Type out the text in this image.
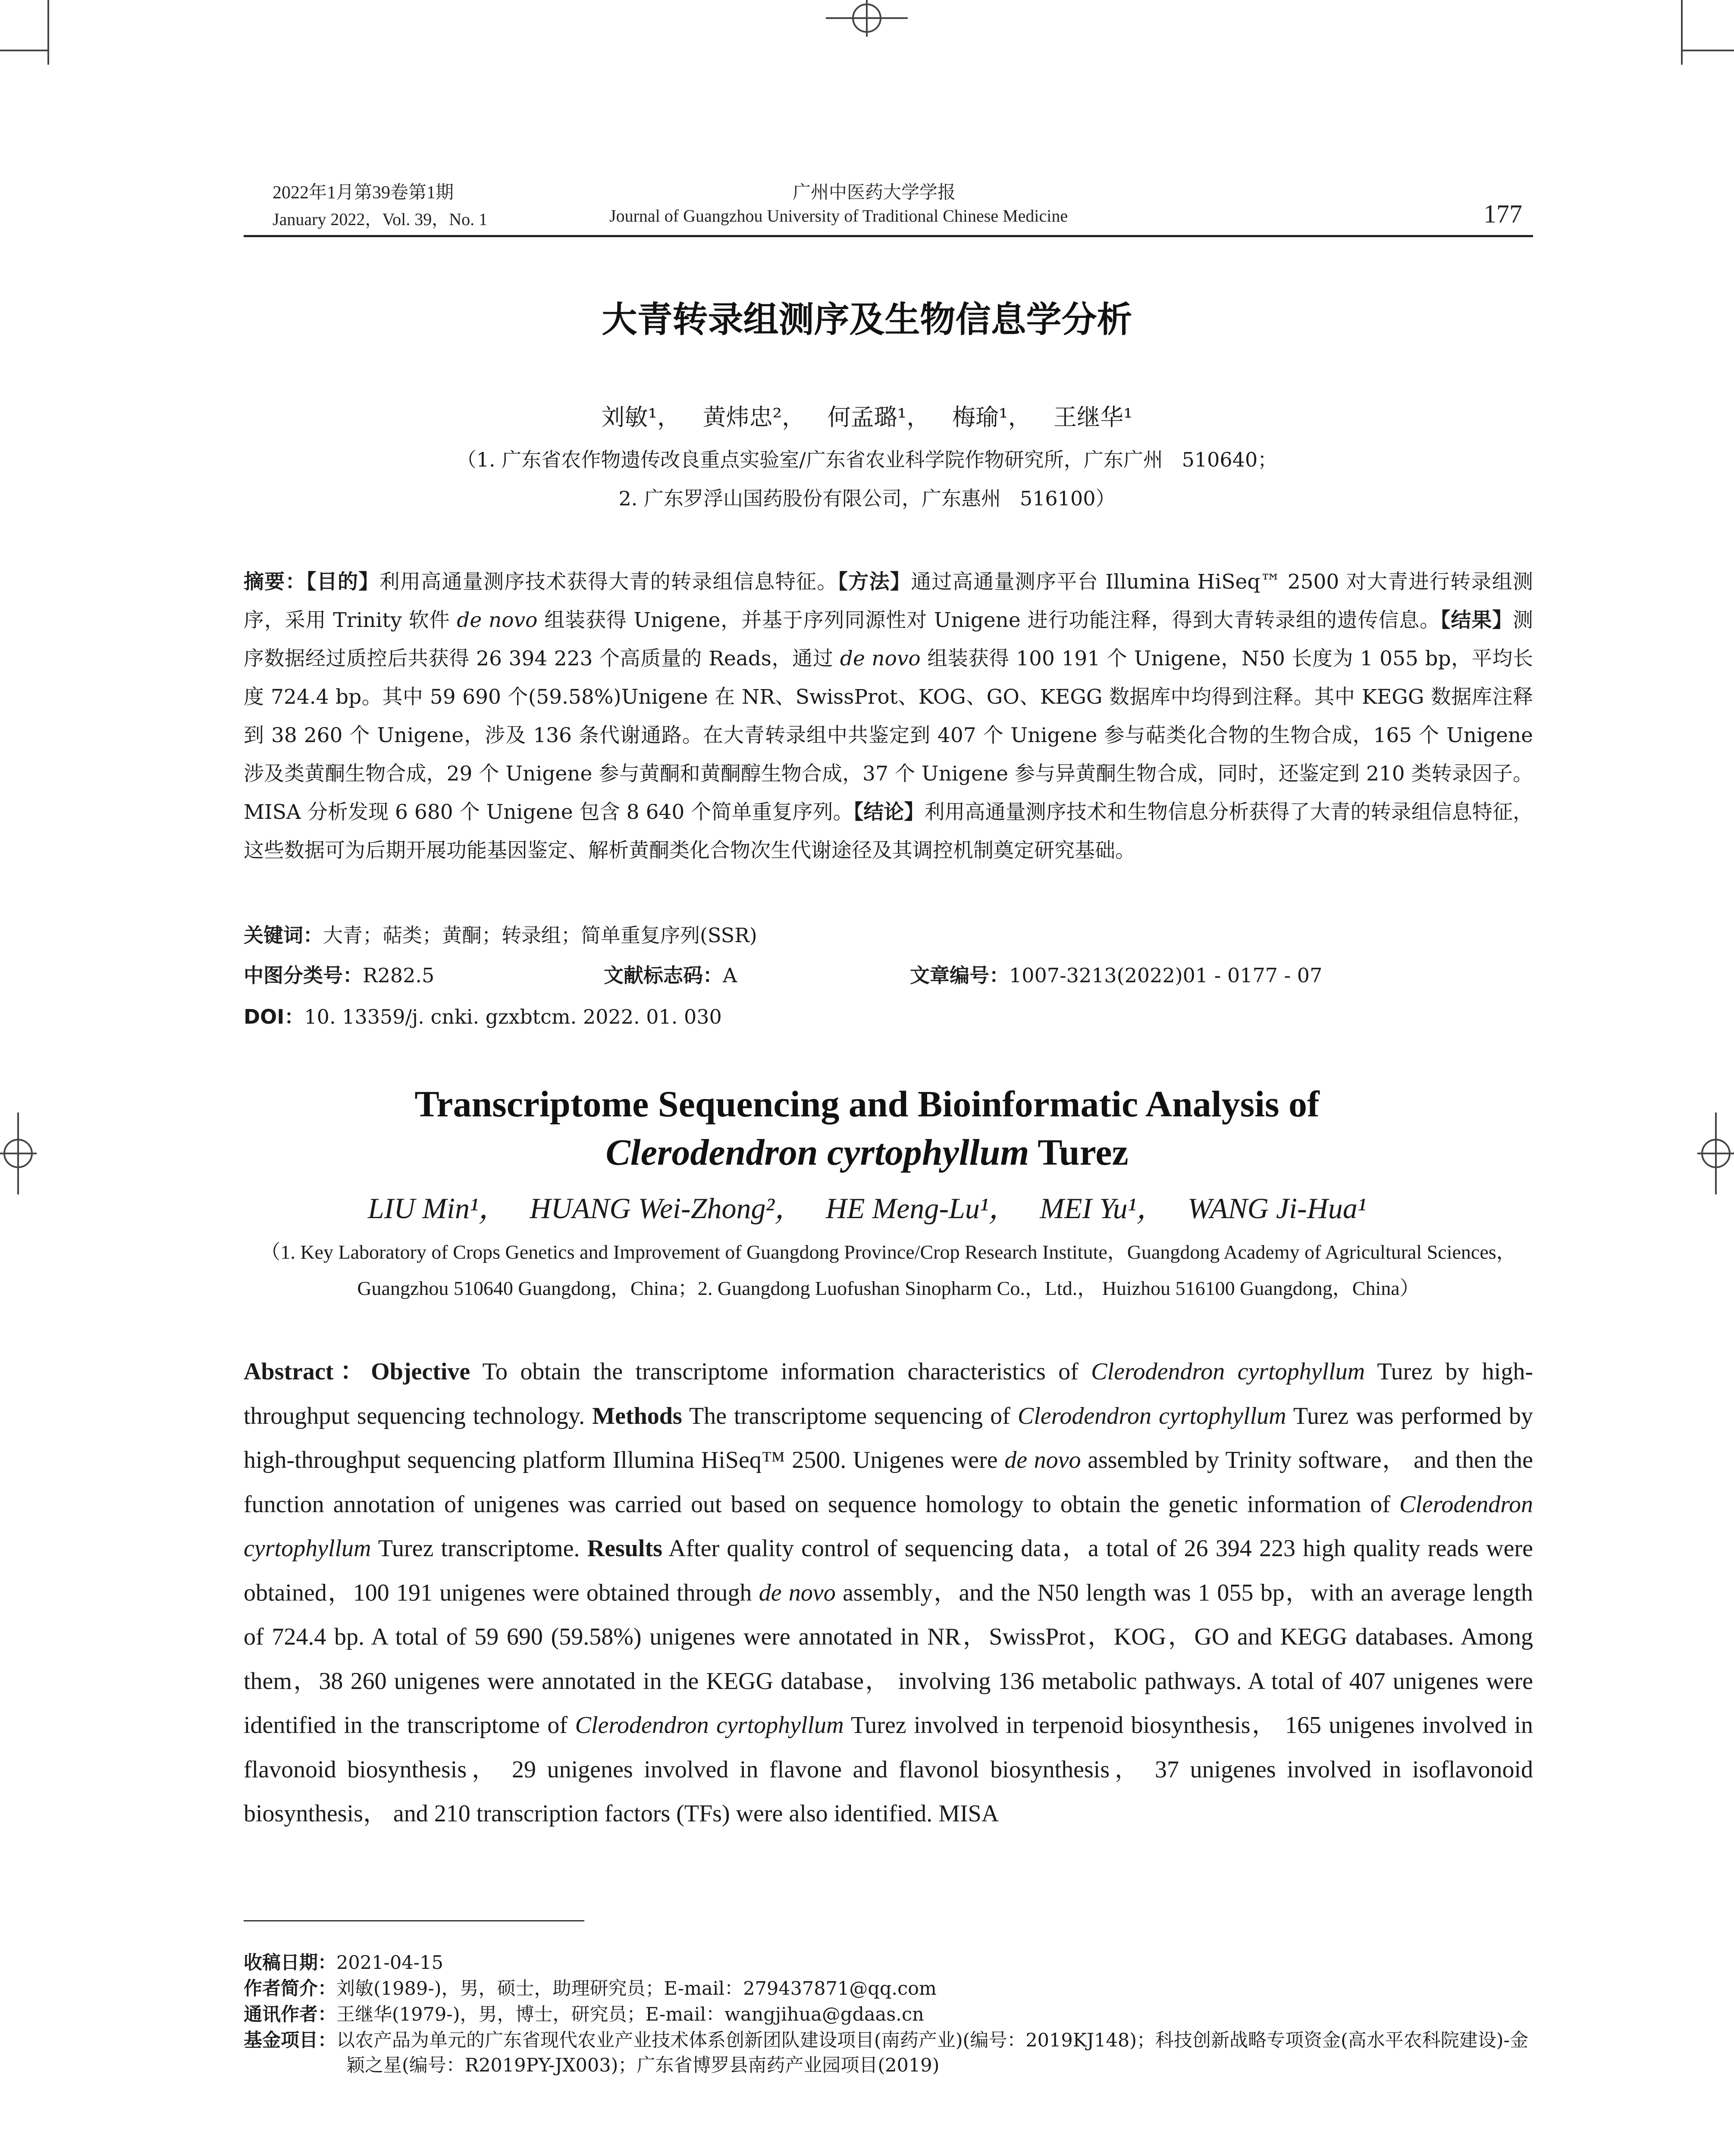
2022年1月第39卷第1期
January 2022，Vol. 39，No. 1
广州中医药大学学报
Journal of Guangzhou University of Traditional Chinese Medicine	177
大青转录组测序及生物信息学分析
刘敏¹，   黄炜忠²，   何孟璐¹，   梅瑜¹，   王继华¹
（1. 广东省农作物遗传改良重点实验室/广东省农业科学院作物研究所，广东广州   510640；
2. 广东罗浮山国药股份有限公司，广东惠州   516100）
摘要：【目的】利用高通量测序技术获得大青的转录组信息特征。【方法】通过高通量测序平台 Illumina HiSeq™ 2500 对大青进行转录组测序，采用 Trinity 软件 de novo 组装获得 Unigene，并基于序列同源性对 Unigene 进行功能注释，得到大青转录组的遗传信息。【结果】测序数据经过质控后共获得 26 394 223 个高质量的 Reads，通过 de novo 组装获得 100 191 个 Unigene，N50 长度为 1 055 bp，平均长度 724.4 bp。其中 59 690 个(59.58%)Unigene 在 NR、SwissProt、KOG、GO、KEGG 数据库中均得到注释。其中 KEGG 数据库注释到 38 260 个 Unigene，涉及 136 条代谢通路。在大青转录组中共鉴定到 407 个 Unigene 参与萜类化合物的生物合成，165 个 Unigene 涉及类黄酮生物合成，29 个 Unigene 参与黄酮和黄酮醇生物合成，37 个 Unigene 参与异黄酮生物合成，同时，还鉴定到 210 类转录因子。MISA 分析发现 6 680 个 Unigene 包含 8 640 个简单重复序列。【结论】利用高通量测序技术和生物信息分析获得了大青的转录组信息特征，这些数据可为后期开展功能基因鉴定、解析黄酮类化合物次生代谢途径及其调控机制奠定研究基础。
关键词：大青；萜类；黄酮；转录组；简单重复序列(SSR)
中图分类号：R282.5	文献标志码：A	文章编号：1007-3213(2022)01 - 0177 - 07
DOI：10. 13359/j. cnki. gzxbtcm. 2022. 01. 030
Transcriptome Sequencing and Bioinformatic Analysis of
Clerodendron cyrtophyllum Turez
LIU Min¹，   HUANG Wei-Zhong²，   HE Meng-Lu¹，   MEI Yu¹，   WANG Ji-Hua¹
（1. Key Laboratory of Crops Genetics and Improvement of Guangdong Province/Crop Research Institute，Guangdong Academy of Agricultural Sciences，Guangzhou 510640 Guangdong，China；2. Guangdong Luofushan Sinopharm Co.，Ltd.， Huizhou 516100 Guangdong，China）
Abstract：Objective To obtain the transcriptome information characteristics of Clerodendron cyrtophyllum Turez by high-throughput sequencing technology. Methods The transcriptome sequencing of Clerodendron cyrtophyllum Turez was performed by high-throughput sequencing platform Illumina HiSeq™ 2500. Unigenes were de novo assembled by Trinity software， and then the function annotation of unigenes was carried out based on sequence homology to obtain the genetic information of Clerodendron cyrtophyllum Turez transcriptome. Results After quality control of sequencing data，a total of 26 394 223 high quality reads were obtained，100 191 unigenes were obtained through de novo assembly，and the N50 length was 1 055 bp，with an average length of 724.4 bp. A total of 59 690 (59.58%) unigenes were annotated in NR，SwissProt，KOG，GO and KEGG databases. Among them，38 260 unigenes were annotated in the KEGG database， involving 136 metabolic pathways. A total of 407 unigenes were identified in the transcriptome of Clerodendron cyrtophyllum Turez involved in terpenoid biosynthesis， 165 unigenes involved in flavonoid biosynthesis， 29 unigenes involved in flavone and flavonol biosynthesis， 37 unigenes involved in isoflavonoid biosynthesis， and 210 transcription factors (TFs) were also identified. MISA
收稿日期：2021-04-15
作者简介：刘敏(1989-)，男，硕士，助理研究员；E-mail：279437871@qq.com
通讯作者：王继华(1979-)，男，博士，研究员；E-mail：wangjihua@gdaas.cn
基金项目：以农产品为单元的广东省现代农业产业技术体系创新团队建设项目(南药产业)(编号：2019KJ148)；科技创新战略专项资金(高水平农科院建设)-金颖之星(编号：R2019PY-JX003)；广东省博罗县南药产业园项目(2019)
